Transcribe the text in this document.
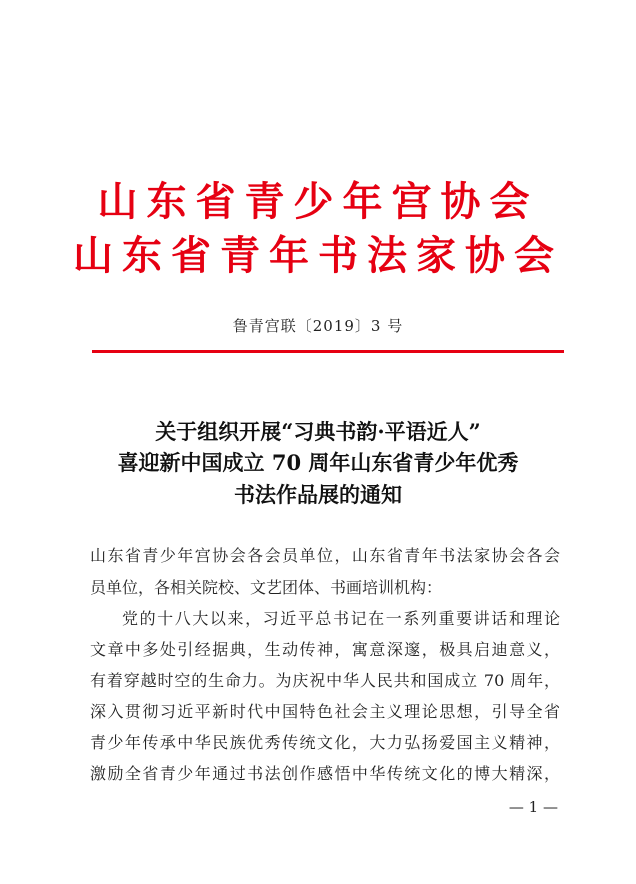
山东省青少年宫协会
山东省青年书法家协会
鲁青宫联〔2019〕3 号
关于组织开展“习典书韵·平语近人”
喜迎新中国成立 70 周年山东省青少年优秀
书法作品展的通知
山东省青少年宫协会各会员单位，山东省青年书法家协会各会
员单位，各相关院校、文艺团体、书画培训机构：
党的十八大以来，习近平总书记在一系列重要讲话和理论
文章中多处引经据典，生动传神，寓意深邃，极具启迪意义，
有着穿越时空的生命力。为庆祝中华人民共和国成立 70 周年，
深入贯彻习近平新时代中国特色社会主义理论思想，引导全省
青少年传承中华民族优秀传统文化，大力弘扬爱国主义精神，
激励全省青少年通过书法创作感悟中华传统文化的博大精深，
— 1 —
